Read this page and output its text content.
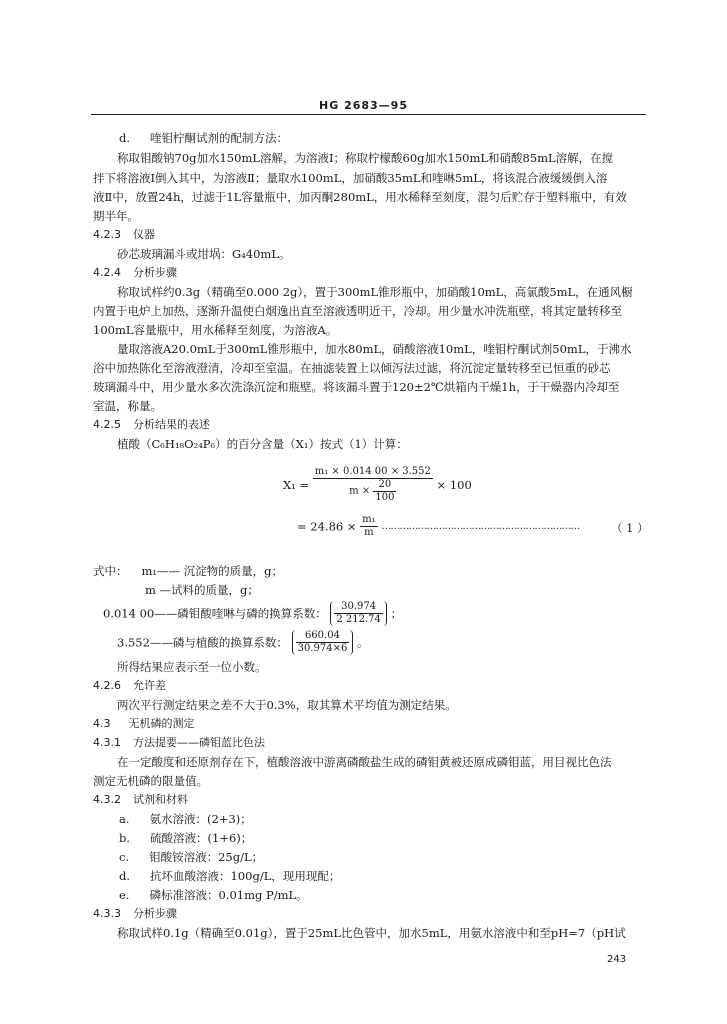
HG 2683—95
d. 喹钼柠酮试剂的配制方法：
称取钼酸钠70g加水150mL溶解，为溶液Ⅰ；称取柠檬酸60g加水150mL和硝酸85mL溶解，在搅
拌下将溶液Ⅰ倒入其中，为溶液Ⅱ；量取水100mL，加硝酸35mL和喹啉5mL，将该混合液缓缓倒入溶
液Ⅱ中，放置24h，过滤于1L容量瓶中，加丙酮280mL，用水稀释至刻度，混匀后贮存于塑料瓶中，有效
期半年。
4.2.3 仪器
砂芯玻璃漏斗或坩埚：G₄40mL。
4.2.4 分析步骤
称取试样约0.3g（精确至0.000 2g），置于300mL锥形瓶中，加硝酸10mL，高氯酸5mL，在通风橱
内置于电炉上加热，逐渐升温使白烟逸出直至溶液透明近干，冷却。用少量水冲洗瓶壁，将其定量转移至
100mL容量瓶中，用水稀释至刻度，为溶液A。
量取溶液A20.0mL于300mL锥形瓶中，加水80mL，硝酸溶液10mL，喹钼柠酮试剂50mL，于沸水
浴中加热陈化至溶液澄清，冷却至室温。在抽滤装置上以倾泻法过滤，将沉淀定量转移至已恒重的砂芯
玻璃漏斗中，用少量水多次洗涤沉淀和瓶壁。将该漏斗置于120±2℃烘箱内干燥1h，于干燥器内冷却至
室温，称量。
4.2.5 分析结果的表述
植酸（C₆H₁₈O₂₄P₆）的百分含量（X₁）按式（1）计算：
$X_1 = \frac{\text{m₁ × 0.014 00 × 3.552}}{m \times \frac{20}{100}} \times 100$
= $24.86 \times \frac{\text{m₁}}{m}$ …………………………………………………………	（ 1 ）
式中： m₁—— 沉淀物的质量，g；
m —试料的质量，g；
0.014 00——磷钼酸喹啉与磷的换算系数： $\frac{30.974}{2 212.74}$ ；
3.552——磷与植酸的换算系数： $\frac{660.04}{30.974\times 6}$ 。
所得结果应表示至一位小数。
4.2.6 允许差
两次平行测定结果之差不大于0.3%，取其算术平均值为测定结果。
4.3 无机磷的测定
4.3.1 方法提要——磷钼蓝比色法
在一定酸度和还原剂存在下，植酸溶液中游离磷酸盐生成的磷钼黄被还原成磷钼蓝，用目视比色法
测定无机磷的限量值。
4.3.2 试剂和材料
a. 氨水溶液：(2+3)；
b. 硫酸溶液：(1+6)；
c. 钼酸铵溶液：25g/L；
d. 抗坏血酸溶液：100g/L，现用现配；
e. 磷标准溶液：0.01mg P/mL。
4.3.3 分析步骤
称取试样0.1g（精确至0.01g），置于25mL比色管中，加水5mL，用氨水溶液中和至pH=7（pH试
243
